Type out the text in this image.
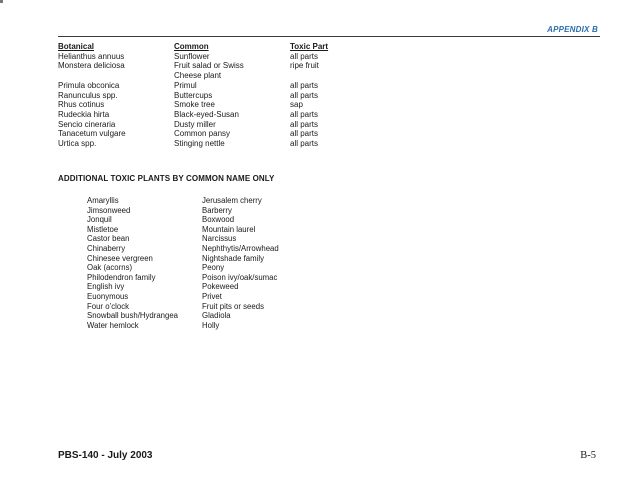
APPENDIX B
Botanical	Common	Toxic Part
Helianthus annuus	Sunflower	all parts
Monstera deliciosa	Fruit salad or Swiss	ripe fruit
	Cheese plant	
Primula obconica	Primul	all parts
Ranunculus spp.	Buttercups	all parts
Rhus cotinus	Smoke tree	sap
Rudeckia hirta	Black-eyed-Susan	all parts
Sencio cineraria	Dusty miller	all parts
Tanacetum vulgare	Common pansy	all parts
Urtica spp.	Stinging nettle	all parts
ADDITIONAL TOXIC PLANTS BY COMMON NAME ONLY
Amaryllis
Jimsonweed
Jonquil
Mistletoe
Castor bean
Chinaberry
Chinesee vergreen
Oak (acorns)
Philodendron family
English ivy
Euonymous
Four o’clock
Snowball bush/Hydrangea
Water hemlock
Jerusalem cherry
Barberry
Boxwood
Mountain laurel
Narcissus
Nephthytis/Arrowhead
Nightshade family
Peony
Poison ivy/oak/sumac
Pokeweed
Privet
Fruit pits or seeds
Gladiola
Holly
PBS-140 - July 2003	B-5
